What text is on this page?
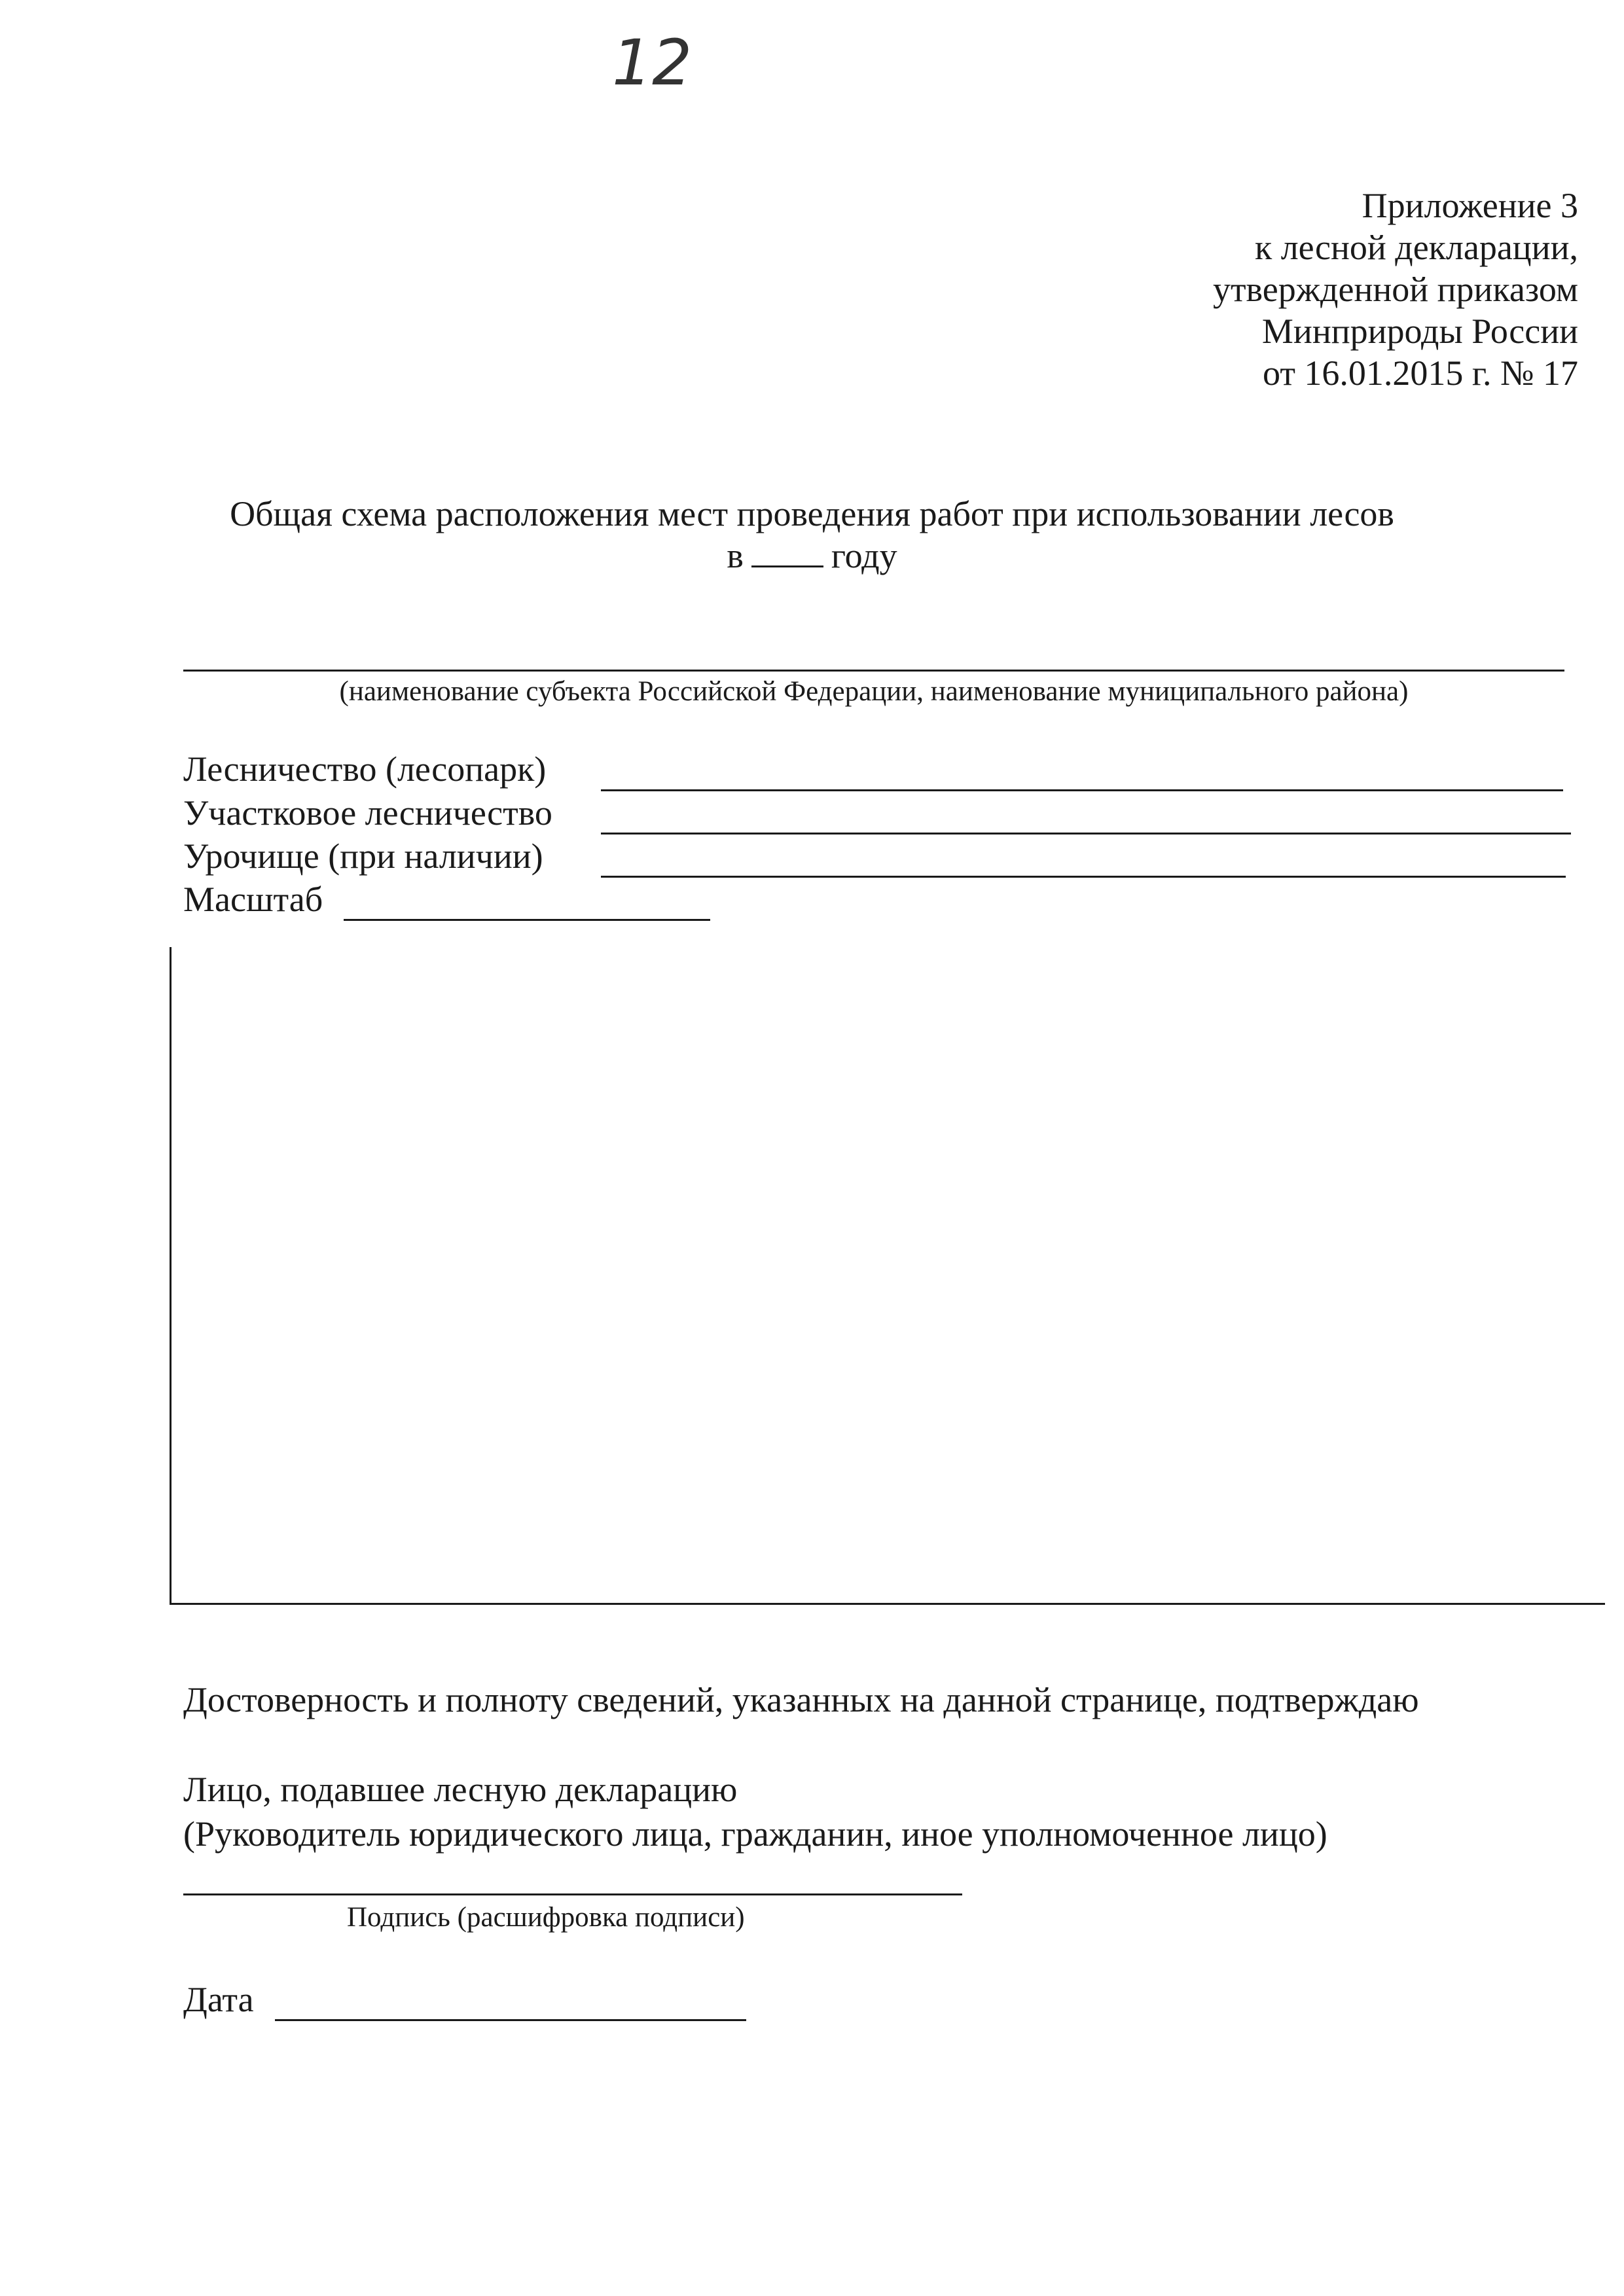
12
Приложение 3
к лесной декларации,
утвержденной приказом
Минприроды России
от 16.01.2015 г. № 17
Общая схема расположения мест проведения работ при использовании лесов
в году
(наименование субъекта Российской Федерации, наименование муниципального района)
Лесничество (лесопарк)
Участковое лесничество
Урочище (при наличии)
Масштаб
Достоверность и полноту сведений, указанных на данной странице, подтверждаю
Лицо, подавшее лесную декларацию
(Руководитель юридического лица, гражданин, иное уполномоченное лицо)
Подпись (расшифровка подписи)
Дата
